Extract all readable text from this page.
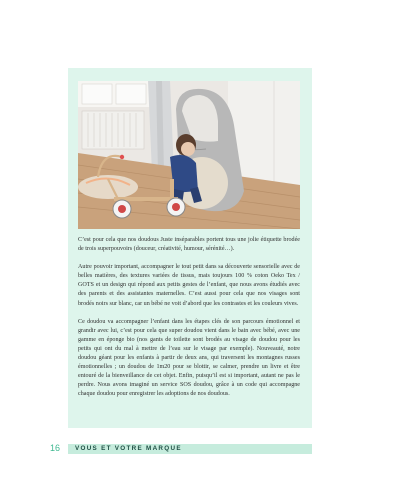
C’est pour cela que nos doudous Juste inséparables portent tous une jolie étiquette brodée de trois superpouvoirs (douceur, créativité, humour, sérénité…).

Autre pouvoir important, accompagner le tout petit dans sa découverte sensorielle avec de belles matières, des textures variées de tissus, mais toujours 100 % coton Oeko Tex / GOTS et un design qui répond aux petits gestes de l’enfant, que nous avons étudiés avec des parents et des assistantes maternelles. C’est aussi pour cela que nos visages sont brodés noirs sur blanc, car un bébé ne voit d’abord que les contrastes et les couleurs vives.

Ce doudou va accompagner l’enfant dans les étapes clés de son parcours émotionnel et grandir avec lui, c’est pour cela que super doudou vient dans le bain avec bébé, avec une gamme en éponge bio (nos gants de toilette sont brodés au visage de doudou pour les petits qui ont du mal à mettre de l’eau sur le visage par exemple). Nouveauté, notre doudou géant pour les enfants à partir de deux ans, qui traversent les montagnes russes émotionnelles ; un doudou de 1m20 pour se blottir, se calmer, prendre un livre et être entouré de la bienveillance de cet objet. Enfin, puisqu’il est si important, autant ne pas le perdre. Nous avons imaginé un service SOS doudou, grâce à un code qui accompagne chaque doudou pour enregistrer les adoptions de nos doudous.

16 VOUS ET VOTRE MARQUE
